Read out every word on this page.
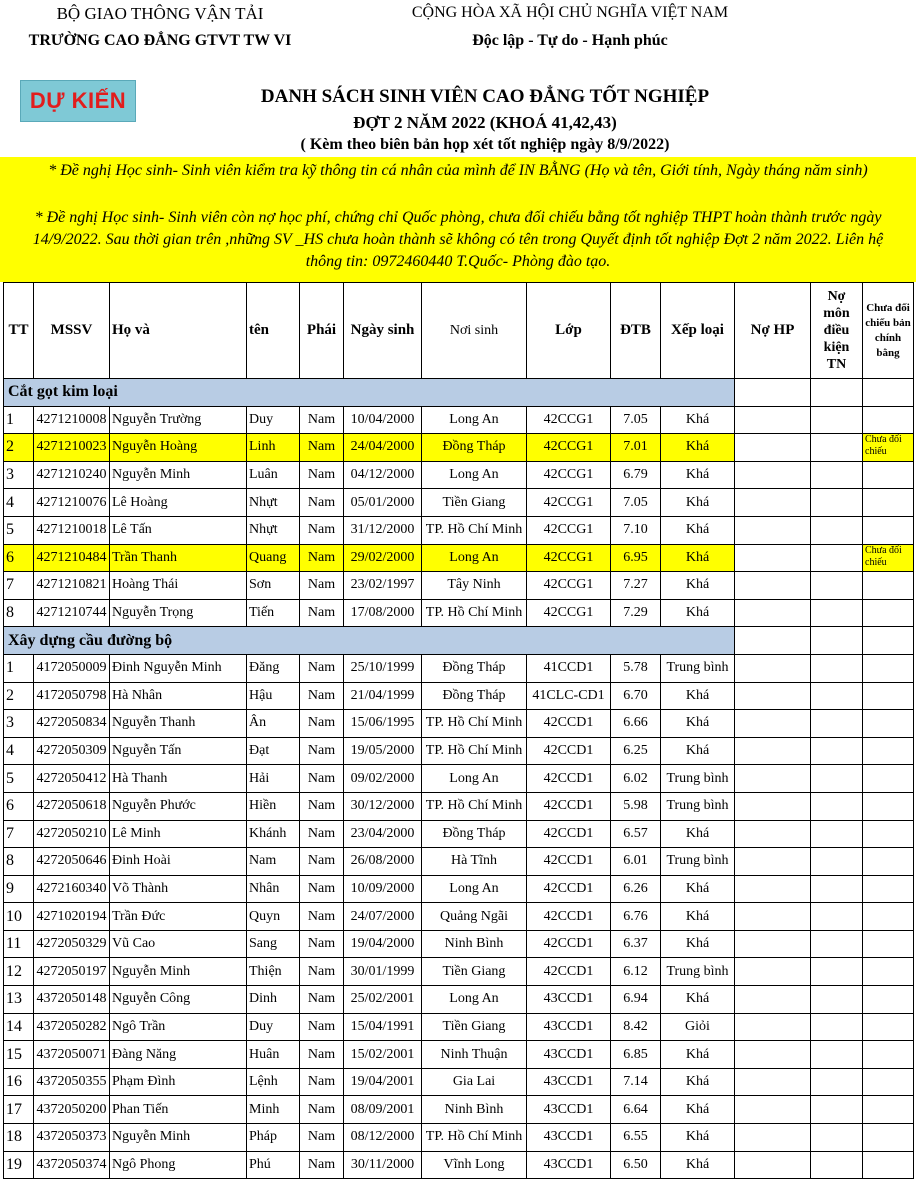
BỘ GIAO THÔNG VẬN TẢI
TRƯỜNG CAO ĐẲNG GTVT TW VI
CỘNG HÒA XÃ HỘI CHỦ NGHĨA VIỆT NAM
Độc lập - Tự do - Hạnh phúc
DỰ KIẾN	DANH SÁCH SINH VIÊN CAO ĐẲNG TỐT NGHIỆP
ĐỢT 2 NĂM 2022 (KHOÁ 41,42,43)
( Kèm theo biên bản họp xét tốt nghiệp ngày 8/9/2022)
* Đề nghị Học sinh- Sinh viên kiểm tra kỹ thông tin cá nhân của mình để IN BẰNG (Họ và tên, Giới tính, Ngày tháng năm sinh)
* Đề nghị Học sinh- Sinh viên còn nợ học phí, chứng chỉ Quốc phòng, chưa đối chiếu bằng tốt nghiệp THPT hoàn thành trước ngày 14/9/2022. Sau thời gian trên ,những SV _HS chưa hoàn thành sẽ không có tên trong Quyết định tốt nghiệp Đợt 2 năm 2022. Liên hệ thông tin: 0972460440 T.Quốc- Phòng đào tạo.
TT	MSSV	Họ và	tên	Phái	Ngày sinh	Nơi sinh	Lớp	ĐTB	Xếp loại	Nợ HP	Nợ môn điều kiện TN	Chưa đối chiếu bản chính bằng
Cắt gọt kim loại												
1	4271210008	Nguyễn Trường	Duy	Nam	10/04/2000	Long An	42CCG1	7.05	Khá			
2	4271210023	Nguyễn Hoàng	Linh	Nam	24/04/2000	Đồng Tháp	42CCG1	7.01	Khá			Chưa đối chiếu
3	4271210240	Nguyễn Minh	Luân	Nam	04/12/2000	Long An	42CCG1	6.79	Khá			
4	4271210076	Lê Hoàng	Nhựt	Nam	05/01/2000	Tiền Giang	42CCG1	7.05	Khá			
5	4271210018	Lê Tấn	Nhựt	Nam	31/12/2000	TP. Hồ Chí Minh	42CCG1	7.10	Khá			
6	4271210484	Trần Thanh	Quang	Nam	29/02/2000	Long An	42CCG1	6.95	Khá			Chưa đối chiếu
7	4271210821	Hoàng Thái	Sơn	Nam	23/02/1997	Tây Ninh	42CCG1	7.27	Khá			
8	4271210744	Nguyễn Trọng	Tiến	Nam	17/08/2000	TP. Hồ Chí Minh	42CCG1	7.29	Khá			
Xây dựng cầu đường bộ												
1	4172050009	Đinh Nguyễn Minh	Đăng	Nam	25/10/1999	Đồng Tháp	41CCD1	5.78	Trung bình			
2	4172050798	Hà Nhân	Hậu	Nam	21/04/1999	Đồng Tháp	41CLC-CD1	6.70	Khá			
3	4272050834	Nguyễn Thanh	Ân	Nam	15/06/1995	TP. Hồ Chí Minh	42CCD1	6.66	Khá			
4	4272050309	Nguyễn Tấn	Đạt	Nam	19/05/2000	TP. Hồ Chí Minh	42CCD1	6.25	Khá			
5	4272050412	Hà Thanh	Hải	Nam	09/02/2000	Long An	42CCD1	6.02	Trung bình			
6	4272050618	Nguyễn Phước	Hiền	Nam	30/12/2000	TP. Hồ Chí Minh	42CCD1	5.98	Trung bình			
7	4272050210	Lê Minh	Khánh	Nam	23/04/2000	Đồng Tháp	42CCD1	6.57	Khá			
8	4272050646	Đinh Hoài	Nam	Nam	26/08/2000	Hà Tĩnh	42CCD1	6.01	Trung bình			
9	4272160340	Võ Thành	Nhân	Nam	10/09/2000	Long An	42CCD1	6.26	Khá			
10	4271020194	Trần Đức	Quyn	Nam	24/07/2000	Quảng Ngãi	42CCD1	6.76	Khá			
11	4272050329	Vũ Cao	Sang	Nam	19/04/2000	Ninh Bình	42CCD1	6.37	Khá			
12	4272050197	Nguyễn Minh	Thiện	Nam	30/01/1999	Tiền Giang	42CCD1	6.12	Trung bình			
13	4372050148	Nguyễn Công	Dinh	Nam	25/02/2001	Long An	43CCD1	6.94	Khá			
14	4372050282	Ngô Trần	Duy	Nam	15/04/1991	Tiền Giang	43CCD1	8.42	Giỏi			
15	4372050071	Đàng Năng	Huân	Nam	15/02/2001	Ninh Thuận	43CCD1	6.85	Khá			
16	4372050355	Phạm Đình	Lệnh	Nam	19/04/2001	Gia Lai	43CCD1	7.14	Khá			
17	4372050200	Phan Tiến	Minh	Nam	08/09/2001	Ninh Bình	43CCD1	6.64	Khá			
18	4372050373	Nguyễn Minh	Pháp	Nam	08/12/2000	TP. Hồ Chí Minh	43CCD1	6.55	Khá			
19	4372050374	Ngô Phong	Phú	Nam	30/11/2000	Vĩnh Long	43CCD1	6.50	Khá			
